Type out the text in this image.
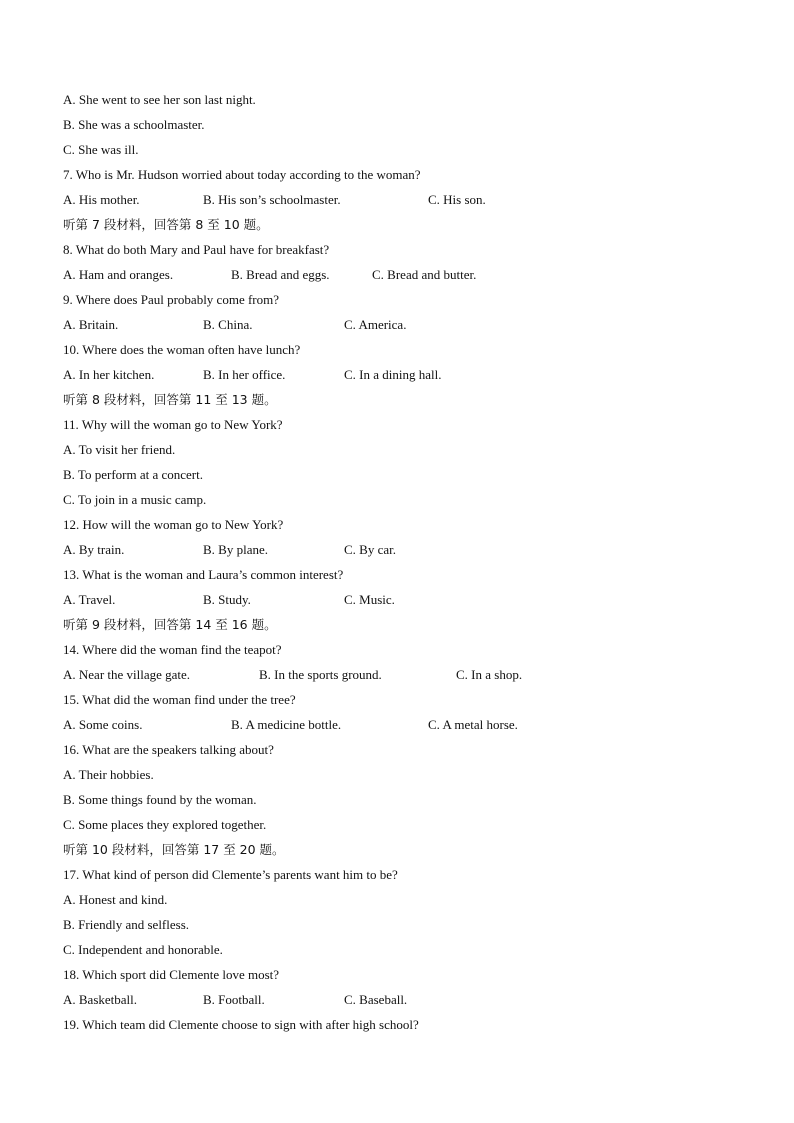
A. She went to see her son last night.
B. She was a schoolmaster.
C. She was ill.
7. Who is Mr. Hudson worried about today according to the woman?
A. His mother.	B. His son’s schoolmaster.	C. His son.
听第 7 段材料，回答第 8 至 10 题。
8. What do both Mary and Paul have for breakfast?
A. Ham and oranges.	B. Bread and eggs.	C. Bread and butter.
9. Where does Paul probably come from?
A. Britain.	B. China.	C. America.
10. Where does the woman often have lunch?
A. In her kitchen.	B. In her office.	C. In a dining hall.
听第 8 段材料，回答第 11 至 13 题。
11. Why will the woman go to New York?
A. To visit her friend.
B. To perform at a concert.
C. To join in a music camp.
12. How will the woman go to New York?
A. By train.	B. By plane.	C. By car.
13. What is the woman and Laura’s common interest?
A. Travel.	B. Study.	C. Music.
听第 9 段材料，回答第 14 至 16 题。
14. Where did the woman find the teapot?
A. Near the village gate.	B. In the sports ground.	C. In a shop.
15. What did the woman find under the tree?
A. Some coins.	B. A medicine bottle.	C. A metal horse.
16. What are the speakers talking about?
A. Their hobbies.
B. Some things found by the woman.
C. Some places they explored together.
听第 10 段材料，回答第 17 至 20 题。
17. What kind of person did Clemente’s parents want him to be?
A. Honest and kind.
B. Friendly and selfless.
C. Independent and honorable.
18. Which sport did Clemente love most?
A. Basketball.	B. Football.	C. Baseball.
19. Which team did Clemente choose to sign with after high school?
